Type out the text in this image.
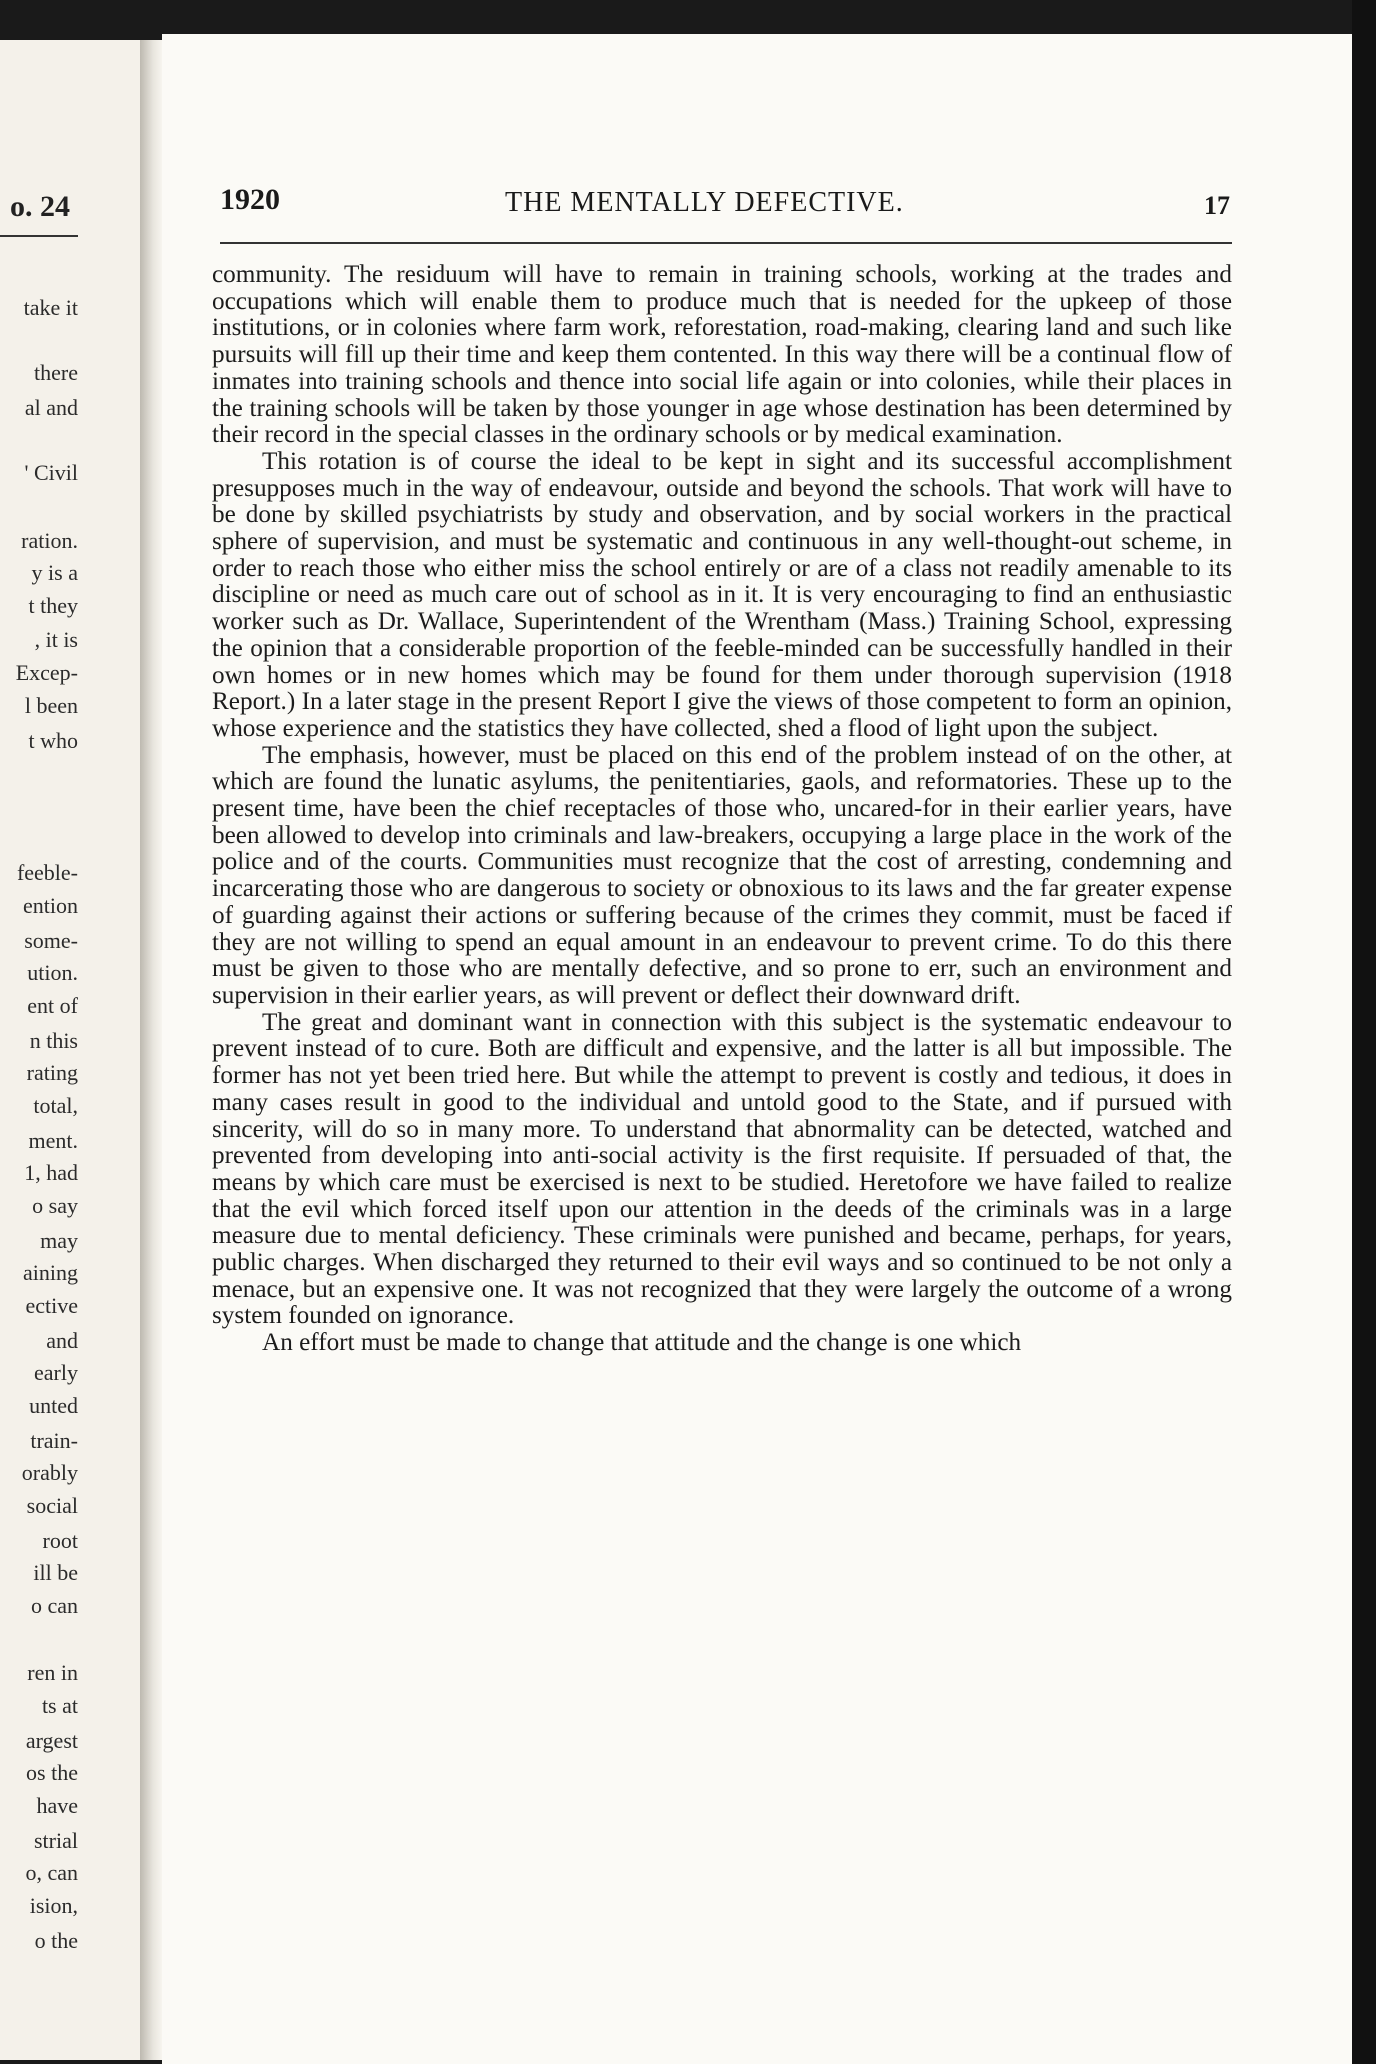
o. 24
take it
there
al and
' Civil
ration.
y is a
t they
, it is
Excep-
l been
t who
feeble-
ention
some-
ution.
ent of
n this
rating
total,
ment.
1, had
o say
may
aining
ective
and
early
unted
train-
orably
social
root
ill be
o can
ren in
ts at
argest
os the
have
strial
o, can
ision,
o the
1920	THE MENTALLY DEFECTIVE.	17

community. The residuum will have to remain in training schools, working at the trades and occupations which will enable them to produce much that is needed for the upkeep of those institutions, or in colonies where farm work, reforestation, road-making, clearing land and such like pursuits will fill up their time and keep them contented. In this way there will be a continual flow of inmates into training schools and thence into social life again or into colonies, while their places in the training schools will be taken by those younger in age whose destination has been determined by their record in the special classes in the ordinary schools or by medical examination.

This rotation is of course the ideal to be kept in sight and its successful accomplishment presupposes much in the way of endeavour, outside and beyond the schools. That work will have to be done by skilled psychiatrists by study and observation, and by social workers in the practical sphere of supervision, and must be systematic and continuous in any well-thought-out scheme, in order to reach those who either miss the school entirely or are of a class not readily amenable to its discipline or need as much care out of school as in it. It is very encouraging to find an enthusiastic worker such as Dr. Wallace, Superintendent of the Wrentham (Mass.) Training School, expressing the opinion that a considerable proportion of the feeble-minded can be successfully handled in their own homes or in new homes which may be found for them under thorough supervision (1918 Report.) In a later stage in the present Report I give the views of those competent to form an opinion, whose experience and the statistics they have collected, shed a flood of light upon the subject.

The emphasis, however, must be placed on this end of the problem instead of on the other, at which are found the lunatic asylums, the penitentiaries, gaols, and reformatories. These up to the present time, have been the chief receptacles of those who, uncared-for in their earlier years, have been allowed to develop into criminals and law-breakers, occupying a large place in the work of the police and of the courts. Communities must recognize that the cost of arresting, condemning and incarcerating those who are dangerous to society or obnoxious to its laws and the far greater expense of guarding against their actions or suffering because of the crimes they commit, must be faced if they are not willing to spend an equal amount in an endeavour to prevent crime. To do this there must be given to those who are mentally defective, and so prone to err, such an environment and supervision in their earlier years, as will prevent or deflect their downward drift.

The great and dominant want in connection with this subject is the systematic endeavour to prevent instead of to cure. Both are difficult and expensive, and the latter is all but impossible. The former has not yet been tried here. But while the attempt to prevent is costly and tedious, it does in many cases result in good to the individual and untold good to the State, and if pursued with sincerity, will do so in many more. To understand that abnormality can be detected, watched and prevented from developing into anti-social activity is the first requisite. If persuaded of that, the means by which care must be exercised is next to be studied. Heretofore we have failed to realize that the evil which forced itself upon our attention in the deeds of the criminals was in a large measure due to mental deficiency. These criminals were punished and became, perhaps, for years, public charges. When discharged they returned to their evil ways and so continued to be not only a menace, but an expensive one. It was not recognized that they were largely the outcome of a wrong system founded on ignorance.

An effort must be made to change that attitude and the change is one which
